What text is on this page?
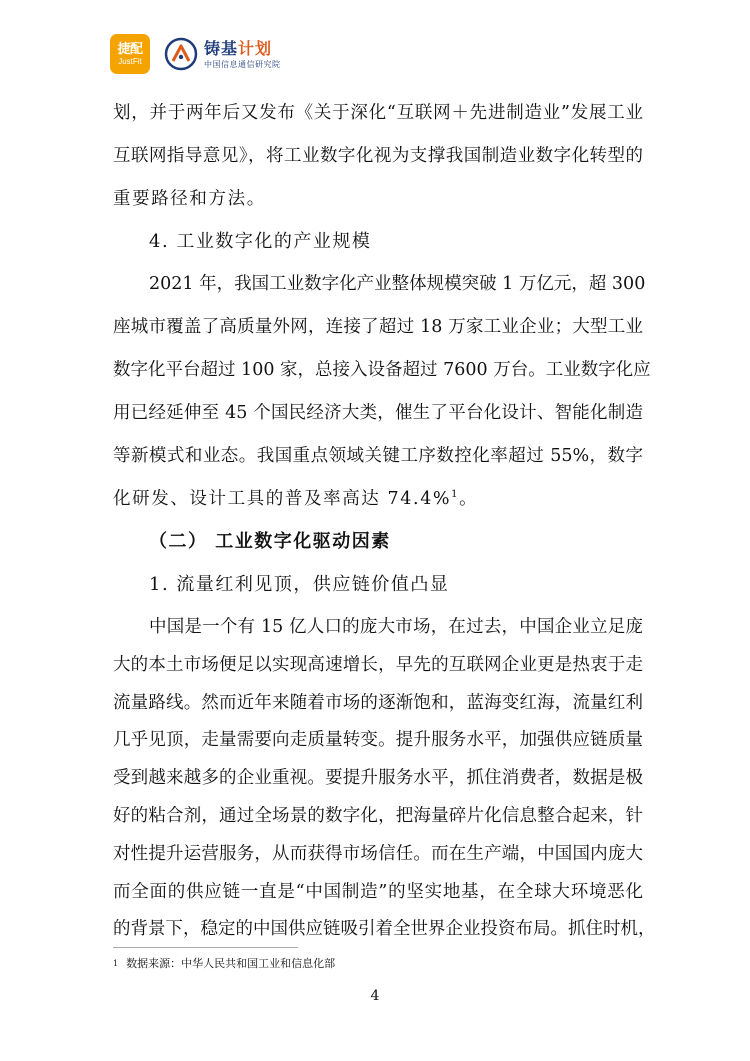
捷配
JustFit
铸基计划
中国信息通信研究院
划，并于两年后又发布《关于深化“互联网＋先进制造业”发展工业
互联网指导意见》，将工业数字化视为支撑我国制造业数字化转型的
重要路径和方法。
4. 工业数字化的产业规模
2021 年，我国工业数字化产业整体规模突破 1 万亿元，超 300
座城市覆盖了高质量外网，连接了超过 18 万家工业企业；大型工业
数字化平台超过 100 家，总接入设备超过 7600 万台。工业数字化应
用已经延伸至 45 个国民经济大类，催生了平台化设计、智能化制造
等新模式和业态。我国重点领域关键工序数控化率超过 55%，数字
化研发、设计工具的普及率高达 74.4%$^1$。
（二） 工业数字化驱动因素
1. 流量红利见顶，供应链价值凸显
中国是一个有 15 亿人口的庞大市场，在过去，中国企业立足庞
大的本土市场便足以实现高速增长，早先的互联网企业更是热衷于走
流量路线。然而近年来随着市场的逐渐饱和，蓝海变红海，流量红利
几乎见顶，走量需要向走质量转变。提升服务水平，加强供应链质量
受到越来越多的企业重视。要提升服务水平，抓住消费者，数据是极
好的粘合剂，通过全场景的数字化，把海量碎片化信息整合起来，针
对性提升运营服务，从而获得市场信任。而在生产端，中国国内庞大
而全面的供应链一直是“中国制造”的坚实地基，在全球大环境恶化
的背景下，稳定的中国供应链吸引着全世界企业投资布局。抓住时机，
$^1$ 数据来源：中华人民共和国工业和信息化部
4
